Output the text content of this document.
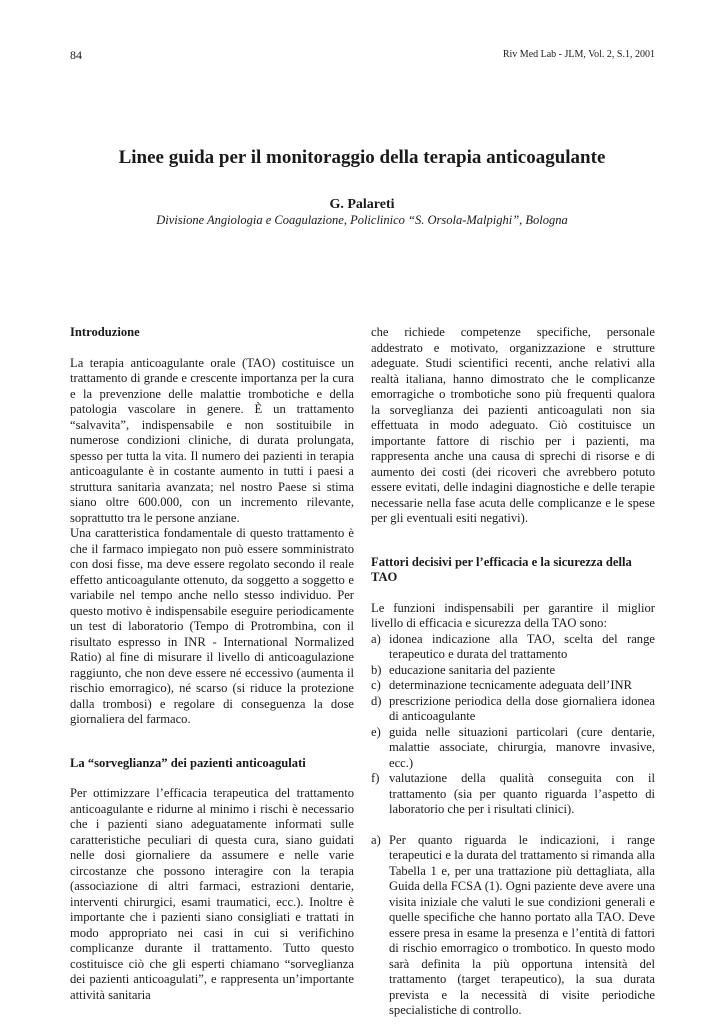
84	Riv Med Lab - JLM, Vol. 2, S.1, 2001
Linee guida per il monitoraggio della terapia anticoagulante
G. Palareti
Divisione Angiologia e Coagulazione, Policlinico “S. Orsola-Malpighi”, Bologna
Introduzione

La terapia anticoagulante orale (TAO) costituisce un trattamento di grande e crescente importanza per la cura e la prevenzione delle malattie trombotiche e della patologia vascolare in genere. È un trattamento “salvavita”, indispensabile e non sostituibile in numerose condizioni cliniche, di durata prolungata, spesso per tutta la vita. Il numero dei pazienti in terapia anticoagulante è in costante aumento in tutti i paesi a struttura sanitaria avanzata; nel nostro Paese si stima siano oltre 600.000, con un incremento rilevante, soprattutto tra le persone anziane.

Una caratteristica fondamentale di questo trattamento è che il farmaco impiegato non può essere somministrato con dosi fisse, ma deve essere regolato secondo il reale effetto anticoagulante ottenuto, da soggetto a soggetto e variabile nel tempo anche nello stesso individuo. Per questo motivo è indispensabile eseguire periodicamente un test di laboratorio (Tempo di Protrombina, con il risultato espresso in INR - International Normalized Ratio) al fine di misurare il livello di anticoagulazione raggiunto, che non deve essere né eccessivo (aumenta il rischio emorragico), né scarso (si riduce la protezione dalla trombosi) e regolare di conseguenza la dose giornaliera del farmaco.

La “sorveglianza” dei pazienti anticoagulati

Per ottimizzare l’efficacia terapeutica del trattamento anticoagulante e ridurne al minimo i rischi è necessario che i pazienti siano adeguatamente informati sulle caratteristiche peculiari di questa cura, siano guidati nelle dosi giornaliere da assumere e nelle varie circostanze che possono interagire con la terapia (associazione di altri farmaci, estrazioni dentarie, interventi chirurgici, esami traumatici, ecc.). Inoltre è importante che i pazienti siano consigliati e trattati in modo appropriato nei casi in cui si verifichino complicanze durante il trattamento. Tutto questo costituisce ciò che gli esperti chiamano “sorveglianza dei pazienti anticoagulati”, e rappresenta un’importante attività sanitaria

che richiede competenze specifiche, personale addestrato e motivato, organizzazione e strutture adeguate. Studi scientifici recenti, anche relativi alla realtà italiana, hanno dimostrato che le complicanze emorragiche o trombotiche sono più frequenti qualora la sorveglianza dei pazienti anticoagulati non sia effettuata in modo adeguato. Ciò costituisce un importante fattore di rischio per i pazienti, ma rappresenta anche una causa di sprechi di risorse e di aumento dei costi (dei ricoveri che avrebbero potuto essere evitati, delle indagini diagnostiche e delle terapie necessarie nella fase acuta delle complicanze e le spese per gli eventuali esiti negativi).

Fattori decisivi per l’efficacia e la sicurezza della TAO

Le funzioni indispensabili per garantire il miglior livello di efficacia e sicurezza della TAO sono:

a) idonea indicazione alla TAO, scelta del range terapeutico e durata del trattamento
b) educazione sanitaria del paziente
c) determinazione tecnicamente adeguata dell’INR
d) prescrizione periodica della dose giornaliera idonea di anticoagulante
e) guida nelle situazioni particolari (cure dentarie, malattie associate, chirurgia, manovre invasive, ecc.)
f) valutazione della qualità conseguita con il trattamento (sia per quanto riguarda l’aspetto di laboratorio che per i risultati clinici).
a) Per quanto riguarda le indicazioni, i range terapeutici e la durata del trattamento si rimanda alla Tabella 1 e, per una trattazione più dettagliata, alla Guida della FCSA (1). Ogni paziente deve avere una visita iniziale che valuti le sue condizioni generali e quelle specifiche che hanno portato alla TAO. Deve essere presa in esame la presenza e l’entità di fattori di rischio emorragico o trombotico. In questo modo sarà definita la più opportuna intensità del trattamento (target terapeutico), la sua durata prevista e la necessità di visite periodiche specialistiche di controllo.
